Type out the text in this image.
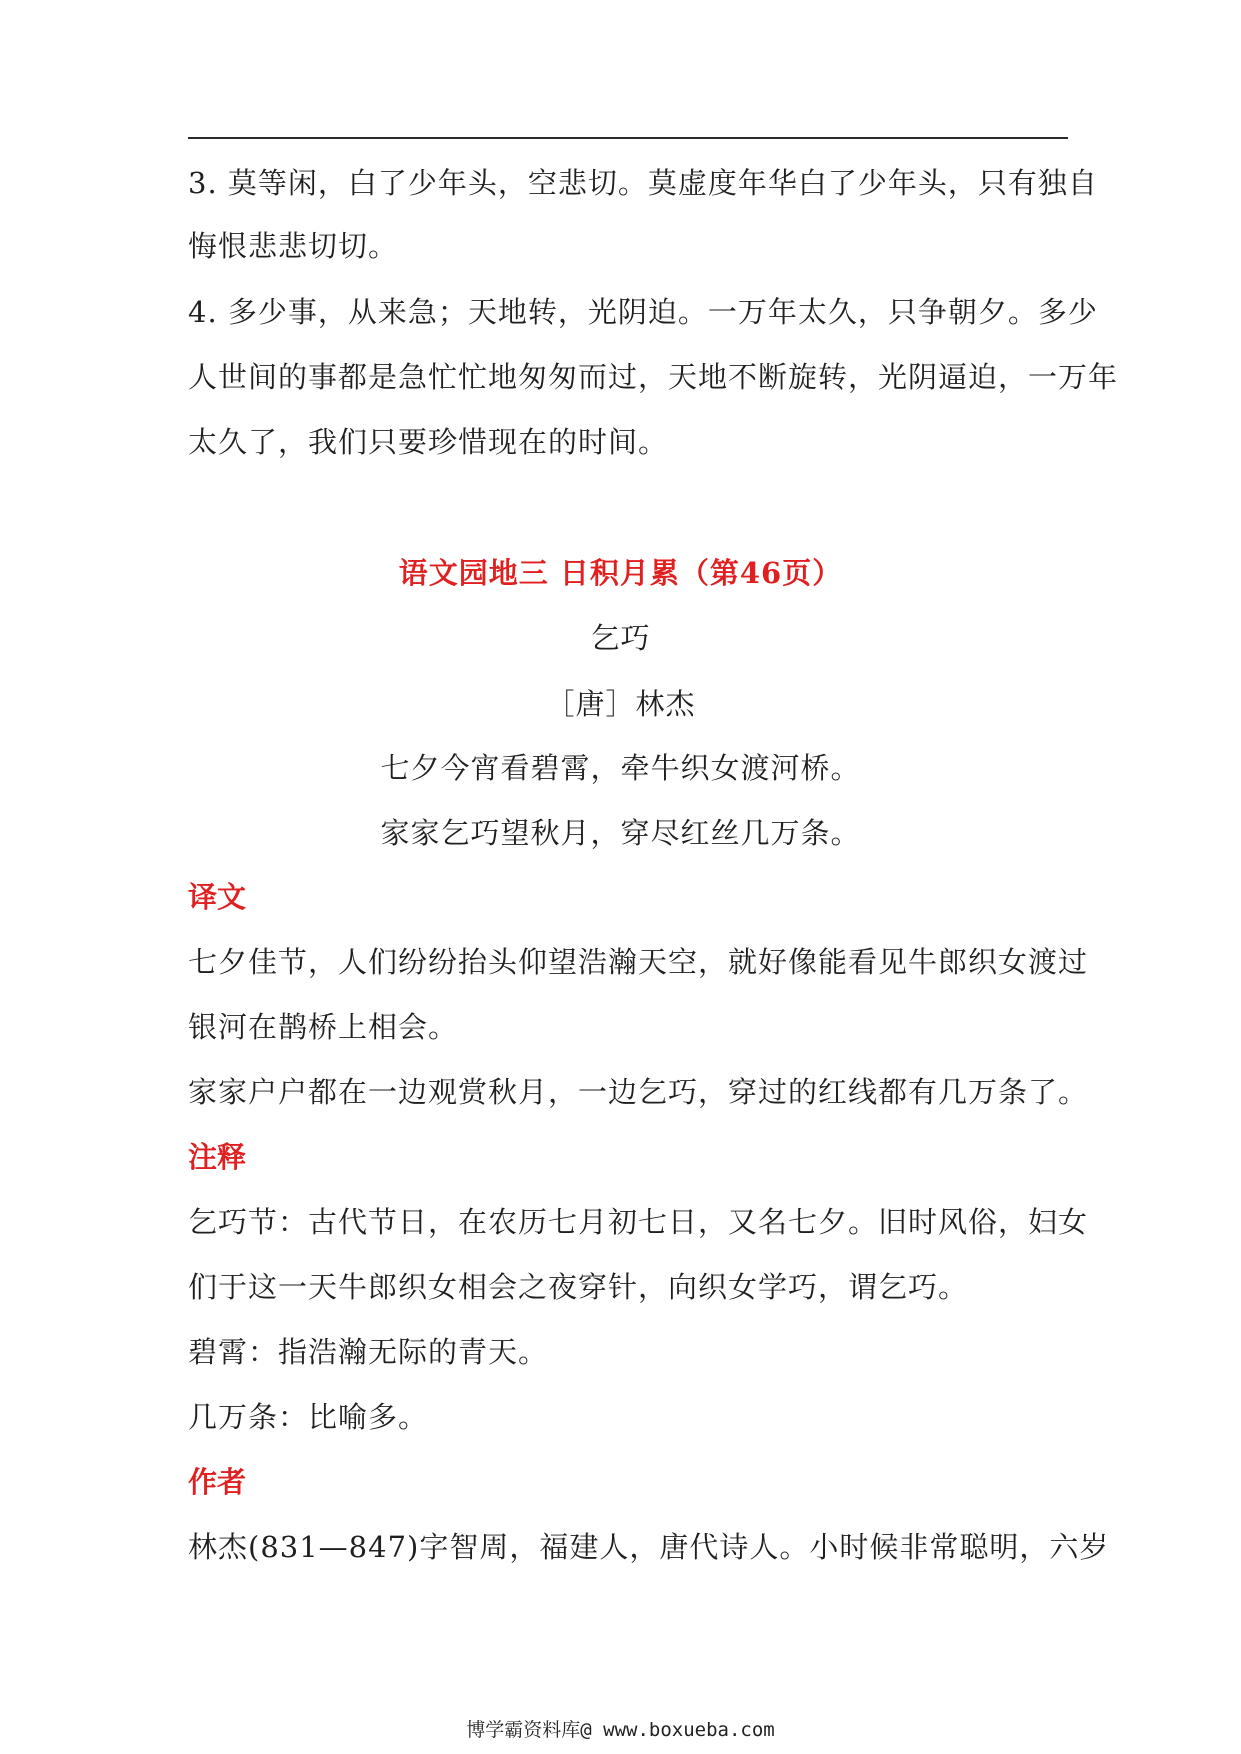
3. 莫等闲，白了少年头，空悲切。莫虚度年华白了少年头，只有独自
悔恨悲悲切切。
4. 多少事，从来急；天地转，光阴迫。一万年太久，只争朝夕。多少
人世间的事都是急忙忙地匆匆而过，天地不断旋转，光阴逼迫，一万年
太久了，我们只要珍惜现在的时间。
语文园地三 日积月累（第46页）
乞巧
［唐］林杰
七夕今宵看碧霄，牵牛织女渡河桥。
家家乞巧望秋月，穿尽红丝几万条。
译文
七夕佳节，人们纷纷抬头仰望浩瀚天空，就好像能看见牛郎织女渡过
银河在鹊桥上相会。
家家户户都在一边观赏秋月，一边乞巧，穿过的红线都有几万条了。
注释
乞巧节：古代节日，在农历七月初七日，又名七夕。旧时风俗，妇女
们于这一天牛郎织女相会之夜穿针，向织女学巧，谓乞巧。
碧霄：指浩瀚无际的青天。
几万条：比喻多。
作者
林杰(831—847)字智周，福建人，唐代诗人。小时候非常聪明，六岁
博学霸资料库@ www.boxueba.com
